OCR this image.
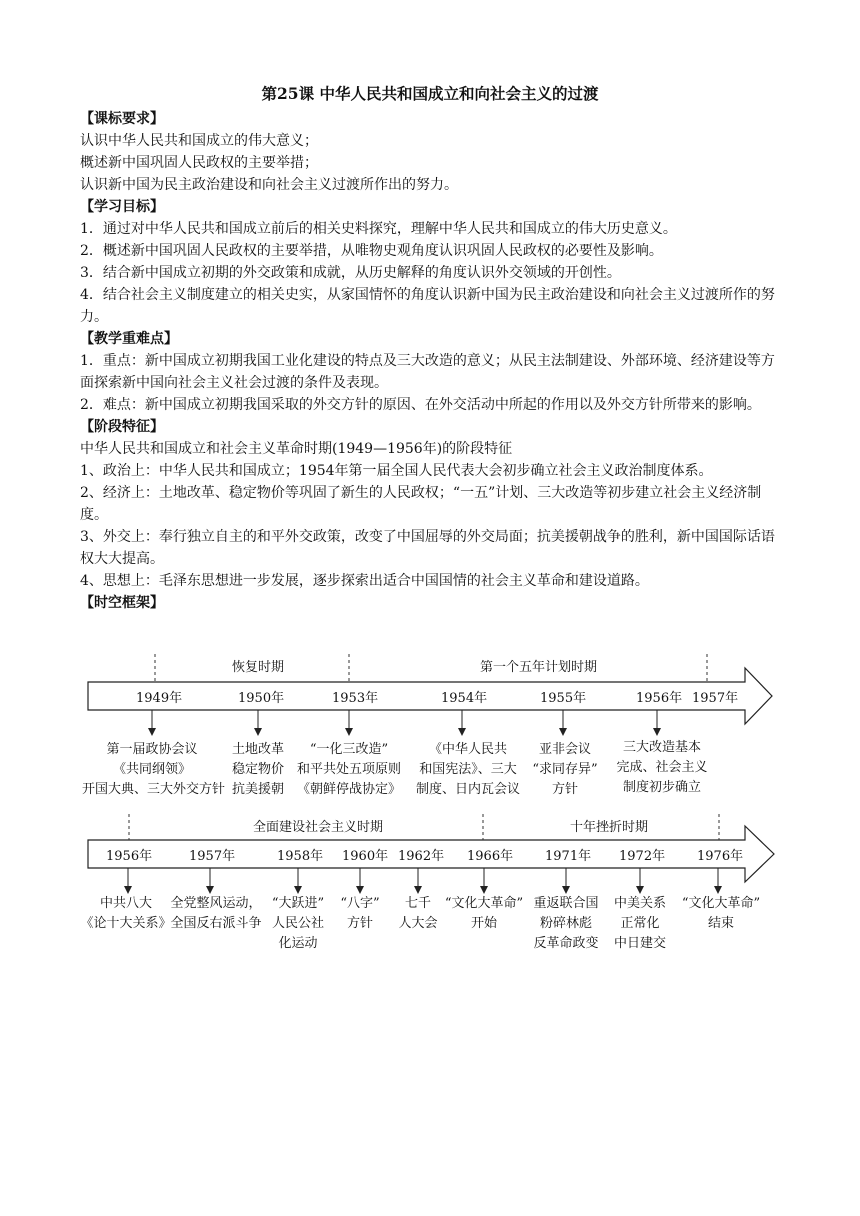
第25课 中华人民共和国成立和向社会主义的过渡
【课标要求】
认识中华人民共和国成立的伟大意义；
概述新中国巩固人民政权的主要举措；
认识新中国为民主政治建设和向社会主义过渡所作出的努力。
【学习目标】
1．通过对中华人民共和国成立前后的相关史料探究，理解中华人民共和国成立的伟大历史意义。
2．概述新中国巩固人民政权的主要举措，从唯物史观角度认识巩固人民政权的必要性及影响。
3．结合新中国成立初期的外交政策和成就，从历史解释的角度认识外交领域的开创性。
4．结合社会主义制度建立的相关史实，从家国情怀的角度认识新中国为民主政治建设和向社会主义过渡所作的努力。
【教学重难点】
1．重点：新中国成立初期我国工业化建设的特点及三大改造的意义；从民主法制建设、外部环境、经济建设等方面探索新中国向社会主义社会过渡的条件及表现。
2．难点：新中国成立初期我国采取的外交方针的原因、在外交活动中所起的作用以及外交方针所带来的影响。
【阶段特征】
中华人民共和国成立和社会主义革命时期(1949—1956年)的阶段特征
1、政治上：中华人民共和国成立；1954年第一届全国人民代表大会初步确立社会主义政治制度体系。
2、经济上：土地改革、稳定物价等巩固了新生的人民政权；“一五”计划、三大改造等初步建立社会主义经济制度。
3、外交上：奉行独立自主的和平外交政策，改变了中国屈辱的外交局面；抗美援朝战争的胜利，新中国国际话语权大大提高。
4、思想上：毛泽东思想进一步发展，逐步探索出适合中国国情的社会主义革命和建设道路。
【时空框架】
恢复时期	第一个五年计划时期
1949年	1950年	1953年	1954年	1955年	1956年 1957年
第一届政协会议
《共同纲领》
开国大典、三大外交方针
土地改革
稳定物价
抗美援朝
“一化三改造”
和平共处五项原则
《朝鲜停战协定》
《中华人民共
和国宪法》、三大
制度、日内瓦会议
亚非会议
“求同存异”
方针
三大改造基本
完成、社会主义
制度初步确立
全面建设社会主义时期	十年挫折时期
1956年	1957年	1958年 1960年 1962年 1966年 1971年 1972年 1976年
中共八大
《论十大关系》
全党整风运动，
全国反右派斗争
“大跃进”
人民公社
化运动
“八字”
方针
七千
人大会
“文化大革命”
开始
重返联合国
粉碎林彪
反革命政变
中美关系
正常化
中日建交
“文化大革命”
结束
